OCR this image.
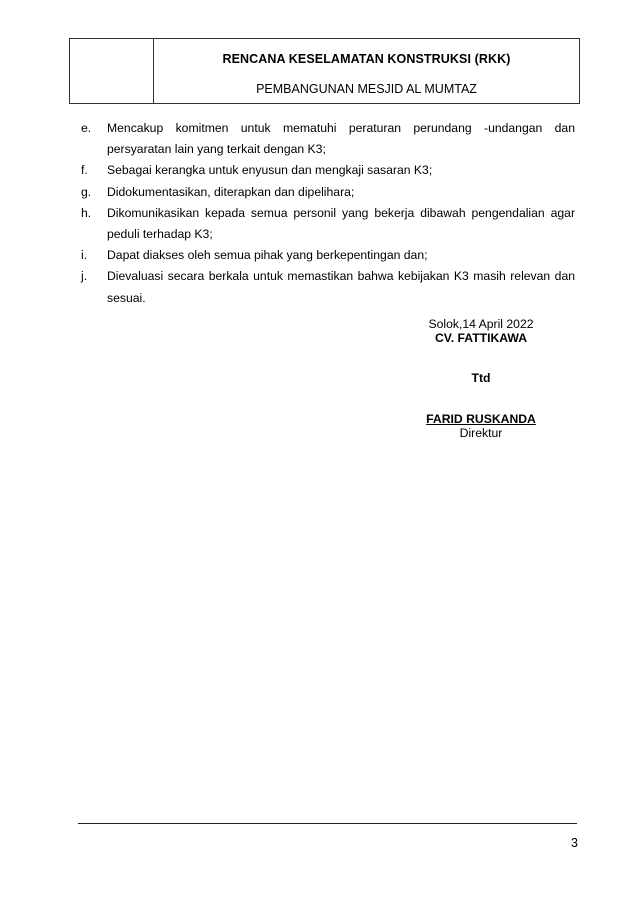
RENCANA KESELAMATAN KONSTRUKSI (RKK)
PEMBANGUNAN MESJID AL MUMTAZ
e.	Mencakup komitmen untuk mematuhi peraturan perundang -undangan dan persyaratan lain yang terkait dengan K3;
f.	Sebagai kerangka untuk enyusun dan mengkaji sasaran K3;
g.	Didokumentasikan, diterapkan dan dipelihara;
h.	Dikomunikasikan kepada semua personil yang bekerja dibawah pengendalian agar peduli terhadap K3;
i.	Dapat diakses oleh semua pihak yang berkepentingan dan;
j.	Dievaluasi secara berkala untuk memastikan bahwa kebijakan K3 masih relevan dan sesuai.
Solok,14 April 2022
CV. FATTIKAWA
Ttd
FARID RUSKANDA
Direktur
3
